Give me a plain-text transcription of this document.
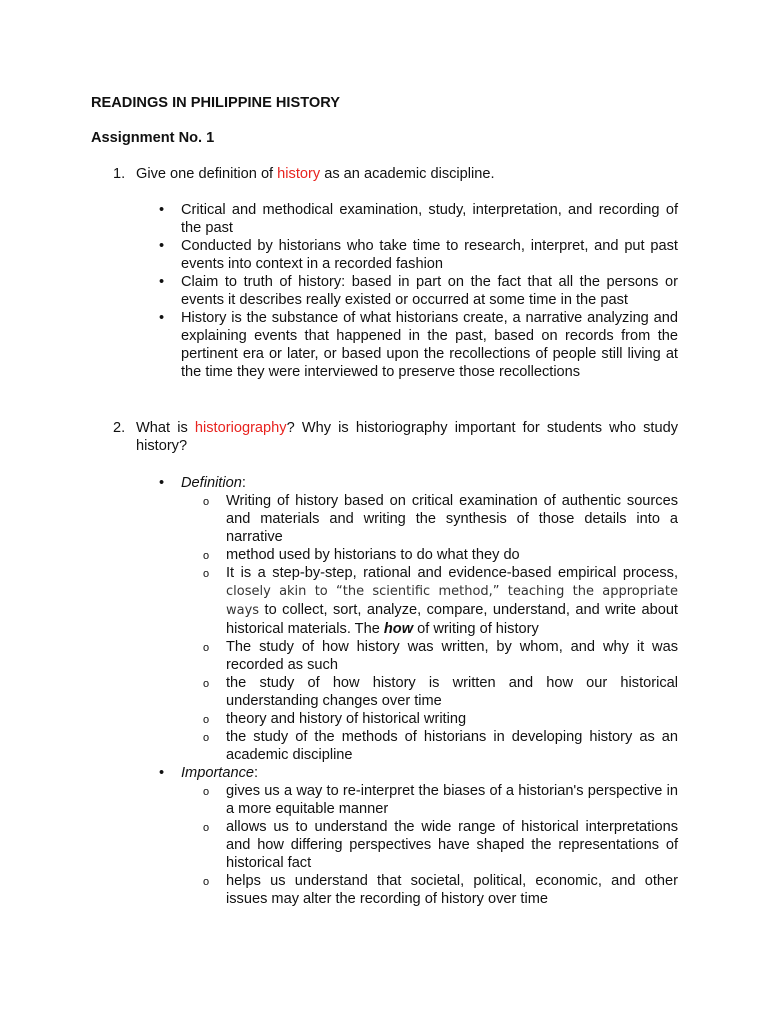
READINGS IN PHILIPPINE HISTORY
Assignment No. 1
1. Give one definition of history as an academic discipline.
• Critical and methodical examination, study, interpretation, and recording of the past
• Conducted by historians who take time to research, interpret, and put past events into context in a recorded fashion
• Claim to truth of history: based in part on the fact that all the persons or events it describes really existed or occurred at some time in the past
• History is the substance of what historians create, a narrative analyzing and explaining events that happened in the past, based on records from the pertinent era or later, or based upon the recollections of people still living at the time they were interviewed to preserve those recollections
2. What is historiography? Why is historiography important for students who study history?
• Definition:
o Writing of history based on critical examination of authentic sources and materials and writing the synthesis of those details into a narrative
o method used by historians to do what they do
o It is a step-by-step, rational and evidence-based empirical process, closely akin to “the scientific method,” teaching the appropriate ways to collect, sort, analyze, compare, understand, and write about historical materials. The how of writing of history
o The study of how history was written, by whom, and why it was recorded as such
o the study of how history is written and how our historical understanding changes over time
o theory and history of historical writing
o the study of the methods of historians in developing history as an academic discipline
• Importance:
o gives us a way to re-interpret the biases of a historian's perspective in a more equitable manner
o allows us to understand the wide range of historical interpretations and how differing perspectives have shaped the representations of historical fact
o helps us understand that societal, political, economic, and other issues may alter the recording of history over time
